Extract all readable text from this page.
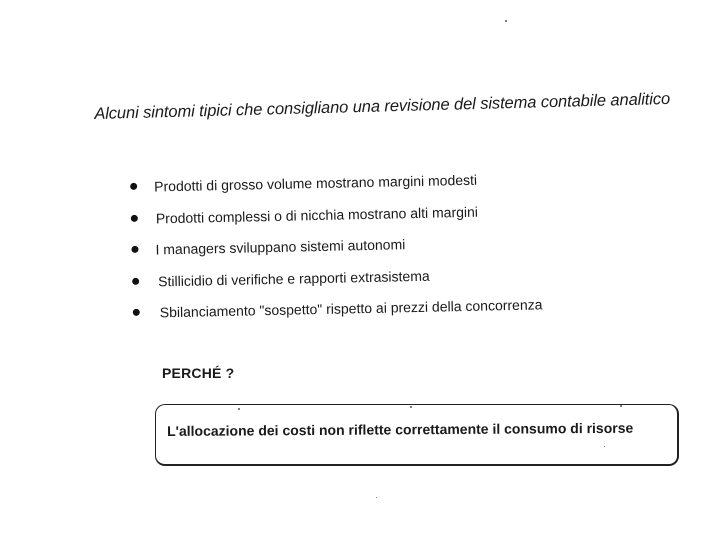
Alcuni sintomi tipici che consigliano una revisione del sistema contabile analitico
Prodotti di grosso volume mostrano margini modesti
Prodotti complessi o di nicchia mostrano alti margini
I managers sviluppano sistemi autonomi
Stillicidio di verifiche e rapporti extrasistema
Sbilanciamento "sospetto" rispetto ai prezzi della concorrenza
PERCHÉ ?
L'allocazione dei costi non riflette correttamente il consumo di risorse
